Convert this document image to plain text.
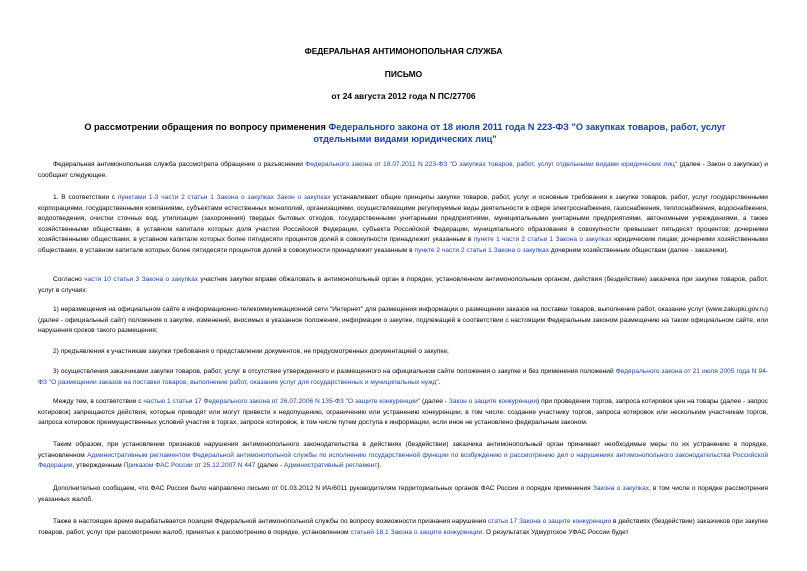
ФЕДЕРАЛЬНАЯ АНТИМОНОПОЛЬНАЯ СЛУЖБА
ПИСЬМО
от 24 августа 2012 года N ПС/27706
О рассмотрении обращения по вопросу применения Федерального закона от 18 июля 2011 года N 223-ФЗ "О закупках товаров, работ, услуг отдельными видами юридических лиц"
Федеральная антимонопольная служба рассмотрела обращение о разъяснении Федерального закона от 18.07.2011 N 223-ФЗ "О закупках товаров, работ, услуг отдельными видами юридических лиц" (далее - Закон о закупках) и сообщает следующее.
1. В соответствии с пунктами 1-3 части 2 статьи 1 Закона о закупках Закон о закупках устанавливает общие принципы закупки товаров, работ, услуг и основные требования к закупке товаров, работ, услуг государственными корпорациями, государственными компаниями, субъектами естественных монополий, организациями, осуществляющими регулируемые виды деятельности в сфере электроснабжения, газоснабжения, теплоснабжения, водоснабжения, водоотведения, очистки сточных вод, утилизации (захоронения) твердых бытовых отходов, государственными унитарными предприятиями, муниципальными унитарными предприятиями, автономными учреждениями, а также хозяйственными обществами, в уставном капитале которых доля участия Российской Федерации, субъекта Российской Федерации, муниципального образования в совокупности превышает пятьдесят процентов; дочерними хозяйственными обществами, в уставном капитале которых более пятидесяти процентов долей в совокупности принадлежит указанным в пункте 1 части 2 статьи 1 Закона о закупках юридическим лицам; дочерними хозяйственными обществами, в уставном капитале которых более пятидесяти процентов долей в совокупности принадлежит указанным в пункте 2 части 2 статьи 1 Закона о закупках дочерним хозяйственным обществам (далее - заказчики).
Согласно части 10 статьи 3 Закона о закупках участник закупки вправе обжаловать в антимонопольный орган в порядке, установленном антимонопольным органом, действия (бездействие) заказчика при закупке товаров, работ, услуг в случаях:
1) неразмещения на официальном сайте в информационно-телекоммуникационной сети "Интернет" для размещения информации о размещении заказов на поставки товаров, выполнение работ, оказание услуг (www.zakupki.gov.ru) (далее - официальный сайт) положения о закупке, изменений, вносимых в указанное положение, информации о закупке, подлежащей в соответствии с настоящим Федеральным законом размещению на таком официальном сайте, или нарушения сроков такого размещения;
2) предъявления к участникам закупки требования о представлении документов, не предусмотренных документацией о закупке;
3) осуществления заказчиками закупки товаров, работ, услуг в отсутствие утвержденного и размещенного на официальном сайте положения о закупке и без применения положений Федерального закона от 21 июля 2005 года N 94-ФЗ "О размещении заказов на поставки товаров, выполнение работ, оказание услуг для государственных и муниципальных нужд".
Между тем, в соответствии с частью 1 статьи 17 Федерального закона от 26.07.2006 N 135-ФЗ "О защите конкуренции" (далее - Закон о защите конкуренции) при проведении торгов, запроса котировок цен на товары (далее - запрос котировок) запрещаются действия, которые приводят или могут привести к недопущению, ограничению или устранению конкуренции, в том числе: создание участнику торгов, запроса котировок или нескольким участникам торгов, запроса котировок преимущественных условий участия в торгах, запросе котировок, в том числе путем доступа к информации, если иное не установлено федеральным законом.
Таким образом, при установлении признаков нарушения антимонопольного законодательства в действиях (бездействии) заказчика антимонопольный орган принимает необходимые меры по их устранению в порядке, установленном Административным регламентом Федеральной антимонопольной службы по исполнению государственной функции по возбуждению и рассмотрению дел о нарушениях антимонопольного законодательства Российской Федерации, утвержденным Приказом ФАС России от 25.12.2007 N 447 (далее - Административный регламент).
Дополнительно сообщаем, что ФАС России было направлено письмо от 01.03.2012 N ИА/6011 руководителям территориальных органов ФАС России о порядке применения Закона о закупках, в том числе о порядке рассмотрения указанных жалоб.
Также в настоящее время вырабатывается позиция Федеральной антимонопольной службы по вопросу возможности признания нарушения статьи 17 Закона о защите конкуренции в действиях (бездействии) заказчиков при закупке товаров, работ, услуг при рассмотрении жалоб, принятых к рассмотрению в порядке, установленном статьей 18.1 Закона о защите конкуренции. О результатах Удмуртское УФАС России будет
